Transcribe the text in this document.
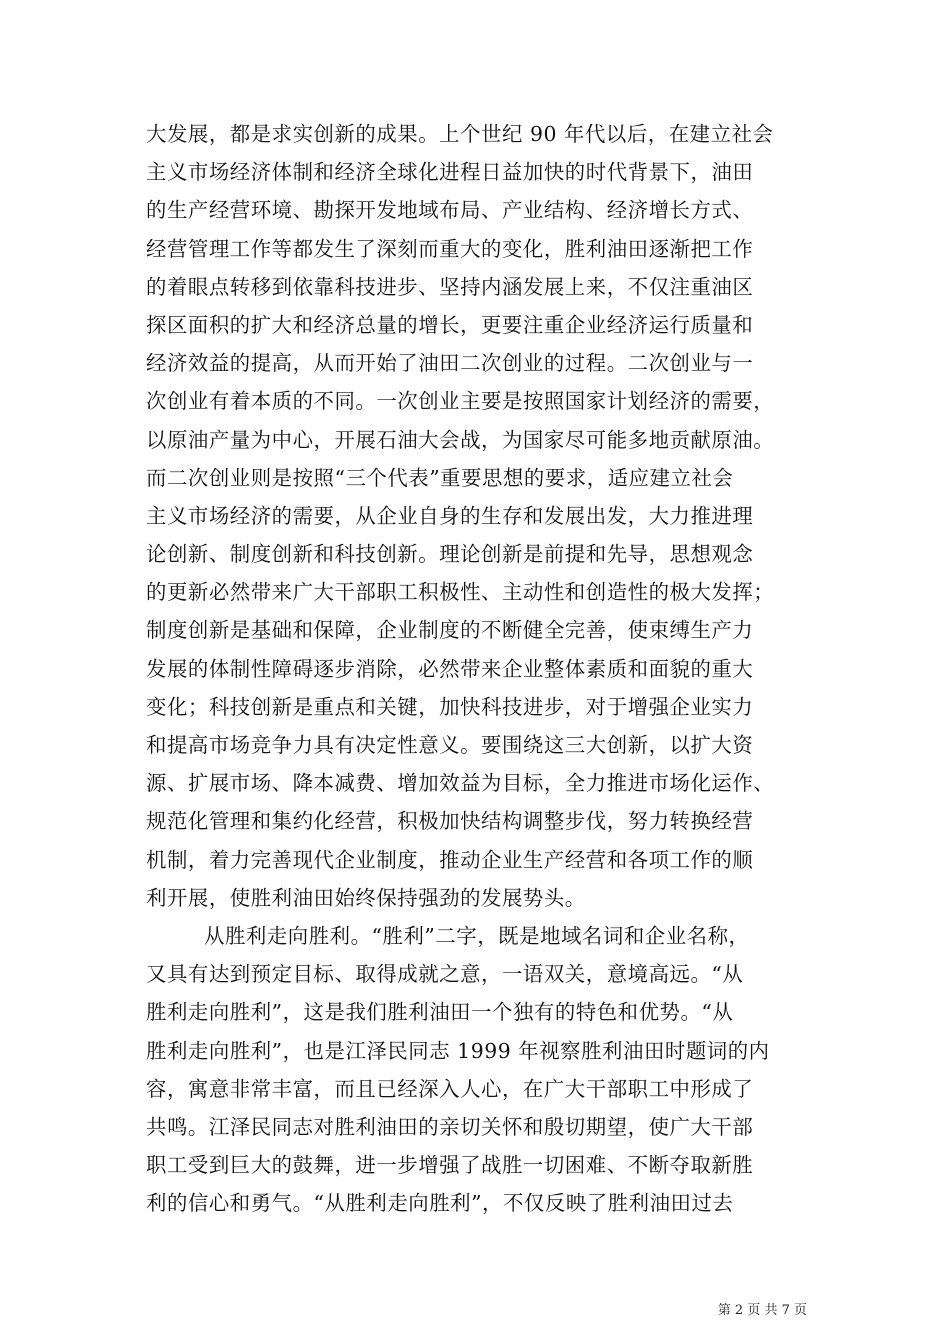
大发展，都是求实创新的成果。上个世纪 90 年代以后，在建立社会
主义市场经济体制和经济全球化进程日益加快的时代背景下，油田
的生产经营环境、勘探开发地域布局、产业结构、经济增长方式、
经营管理工作等都发生了深刻而重大的变化，胜利油田逐渐把工作
的着眼点转移到依靠科技进步、坚持内涵发展上来，不仅注重油区
探区面积的扩大和经济总量的增长，更要注重企业经济运行质量和
经济效益的提高，从而开始了油田二次创业的过程。二次创业与一
次创业有着本质的不同。一次创业主要是按照国家计划经济的需要，
以原油产量为中心，开展石油大会战，为国家尽可能多地贡献原油。
而二次创业则是按照“三个代表”重要思想的要求，适应建立社会
主义市场经济的需要，从企业自身的生存和发展出发，大力推进理
论创新、制度创新和科技创新。理论创新是前提和先导，思想观念
的更新必然带来广大干部职工积极性、主动性和创造性的极大发挥；
制度创新是基础和保障，企业制度的不断健全完善，使束缚生产力
发展的体制性障碍逐步消除，必然带来企业整体素质和面貌的重大
变化；科技创新是重点和关键，加快科技进步，对于增强企业实力
和提高市场竞争力具有决定性意义。要围绕这三大创新，以扩大资
源、扩展市场、降本减费、增加效益为目标，全力推进市场化运作、
规范化管理和集约化经营，积极加快结构调整步伐，努力转换经营
机制，着力完善现代企业制度，推动企业生产经营和各项工作的顺
利开展，使胜利油田始终保持强劲的发展势头。
从胜利走向胜利。“胜利”二字，既是地域名词和企业名称，
又具有达到预定目标、取得成就之意，一语双关，意境高远。“从
胜利走向胜利”，这是我们胜利油田一个独有的特色和优势。“从
胜利走向胜利”，也是江泽民同志 1999 年视察胜利油田时题词的内
容，寓意非常丰富，而且已经深入人心，在广大干部职工中形成了
共鸣。江泽民同志对胜利油田的亲切关怀和殷切期望，使广大干部
职工受到巨大的鼓舞，进一步增强了战胜一切困难、不断夺取新胜
利的信心和勇气。“从胜利走向胜利”，不仅反映了胜利油田过去
第 2 页 共 7 页
